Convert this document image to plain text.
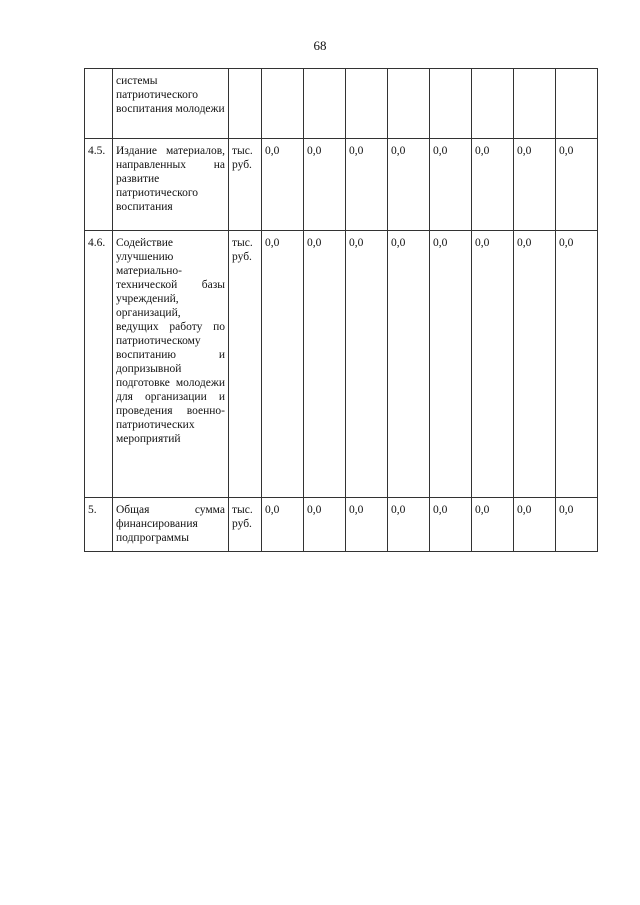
68
	системы патриотического воспитания молодежи									
4.5.	Издание материалов, направленных на развитие патриотического воспитания	тыс. руб.	0,0	0,0	0,0	0,0	0,0	0,0	0,0	0,0
4.6.	Содействие улучшению материально-технической базы учреждений, организаций, ведущих работу по патриотическому воспитанию и допризывной подготовке молодежи для организации и проведения военно-патриотических мероприятий	тыс. руб.	0,0	0,0	0,0	0,0	0,0	0,0	0,0	0,0
5.	Общая сумма финансирования подпрограммы	тыс. руб.	0,0	0,0	0,0	0,0	0,0	0,0	0,0	0,0
